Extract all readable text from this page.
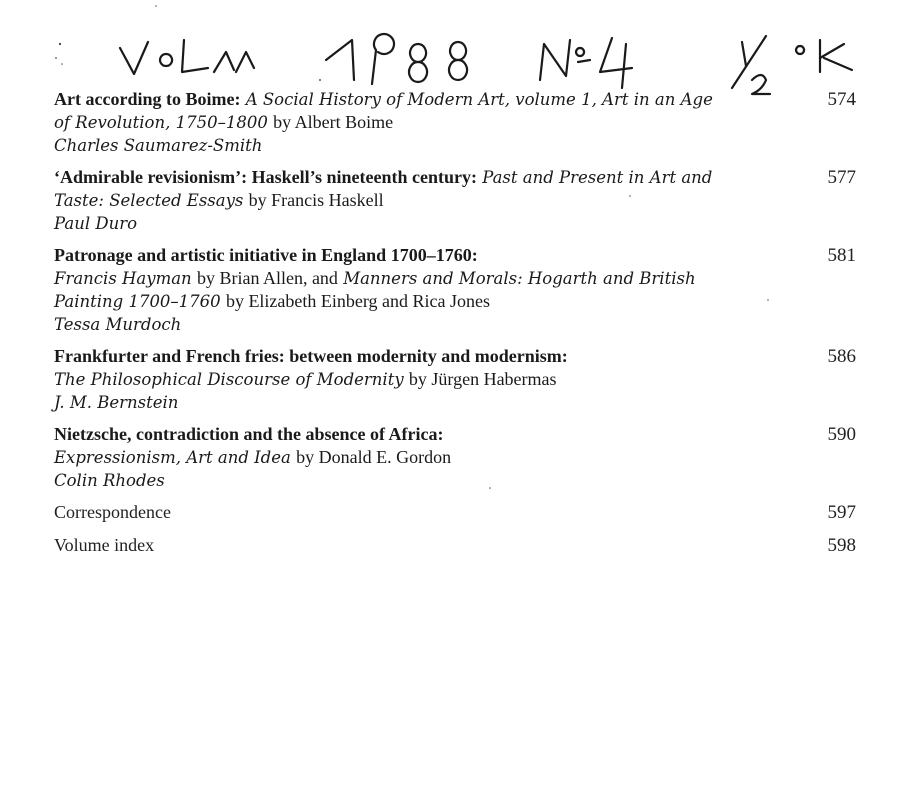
Art according to Boime: A Social History of Modern Art, volume 1, Art in an Age of Revolution, 1750–1800 by Albert Boime
Charles Saumarez-Smith
574
‘Admirable revisionism’: Haskell’s nineteenth century: Past and Present in Art and Taste: Selected Essays by Francis Haskell
Paul Duro
577
Patronage and artistic initiative in England 1700–1760:
Francis Hayman by Brian Allen, and Manners and Morals: Hogarth and British Painting 1700–1760 by Elizabeth Einberg and Rica Jones
Tessa Murdoch
581
Frankfurter and French fries: between modernity and modernism:
The Philosophical Discourse of Modernity by Jürgen Habermas
J. M. Bernstein
586
Nietzsche, contradiction and the absence of Africa:
Expressionism, Art and Idea by Donald E. Gordon
Colin Rhodes
590
Correspondence	597
Volume index	598
